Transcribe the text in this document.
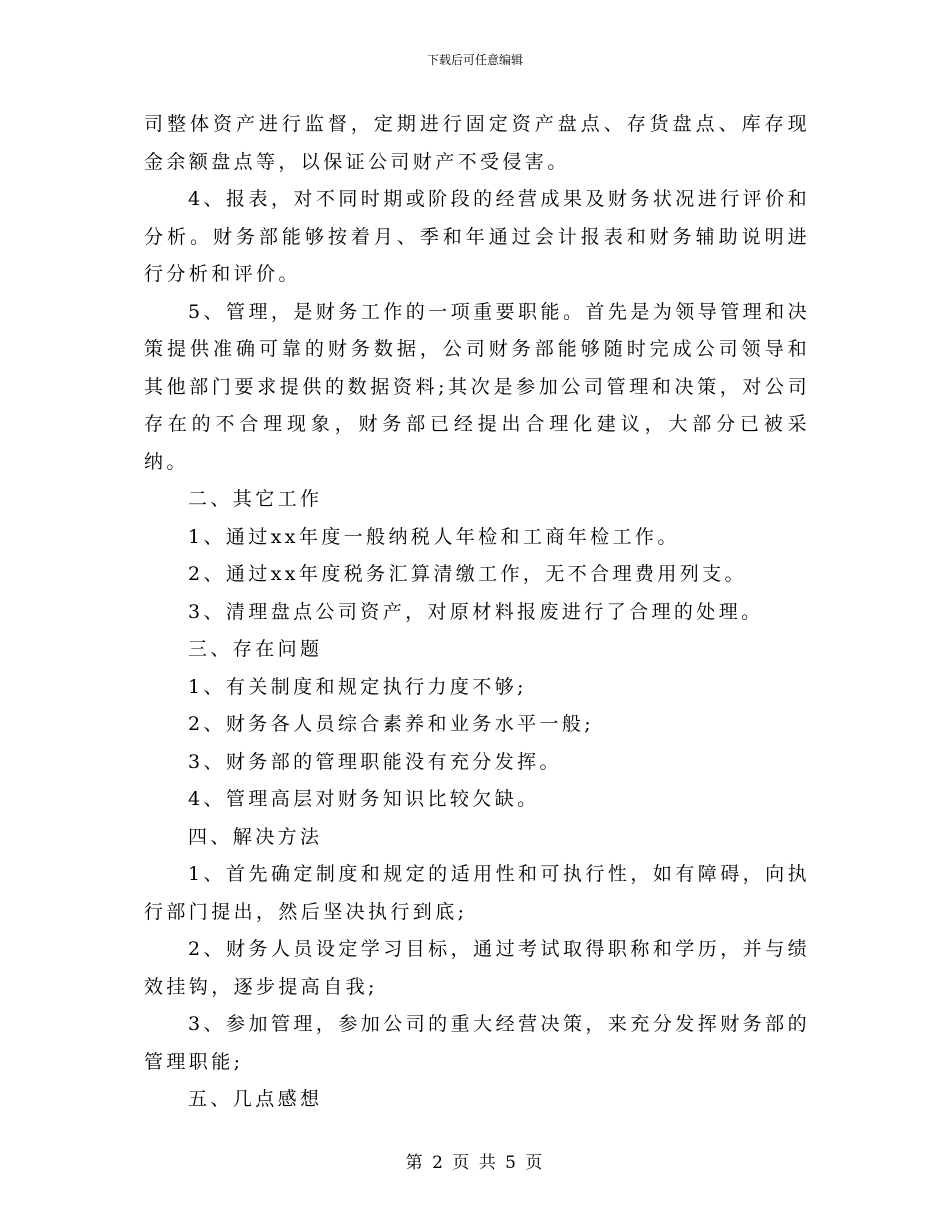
下载后可任意编辑

司整体资产进行监督，定期进行固定资产盘点、存货盘点、库存现金余额盘点等，以保证公司财产不受侵害。

4、报表，对不同时期或阶段的经营成果及财务状况进行评价和分析。财务部能够按着月、季和年通过会计报表和财务辅助说明进行分析和评价。

5、管理，是财务工作的一项重要职能。首先是为领导管理和决策提供准确可靠的财务数据，公司财务部能够随时完成公司领导和其他部门要求提供的数据资料;其次是参加公司管理和决策，对公司存在的不合理现象，财务部已经提出合理化建议，大部分已被采纳。

二、其它工作

1、通过xx年度一般纳税人年检和工商年检工作。

2、通过xx年度税务汇算清缴工作，无不合理费用列支。

3、清理盘点公司资产，对原材料报废进行了合理的处理。

三、存在问题

1、有关制度和规定执行力度不够;

2、财务各人员综合素养和业务水平一般;

3、财务部的管理职能没有充分发挥。

4、管理高层对财务知识比较欠缺。

四、解决方法

1、首先确定制度和规定的适用性和可执行性，如有障碍，向执行部门提出，然后坚决执行到底;

2、财务人员设定学习目标，通过考试取得职称和学历，并与绩效挂钩，逐步提高自我;

3、参加管理，参加公司的重大经营决策，来充分发挥财务部的管理职能;

五、几点感想

第 2 页 共 5 页
